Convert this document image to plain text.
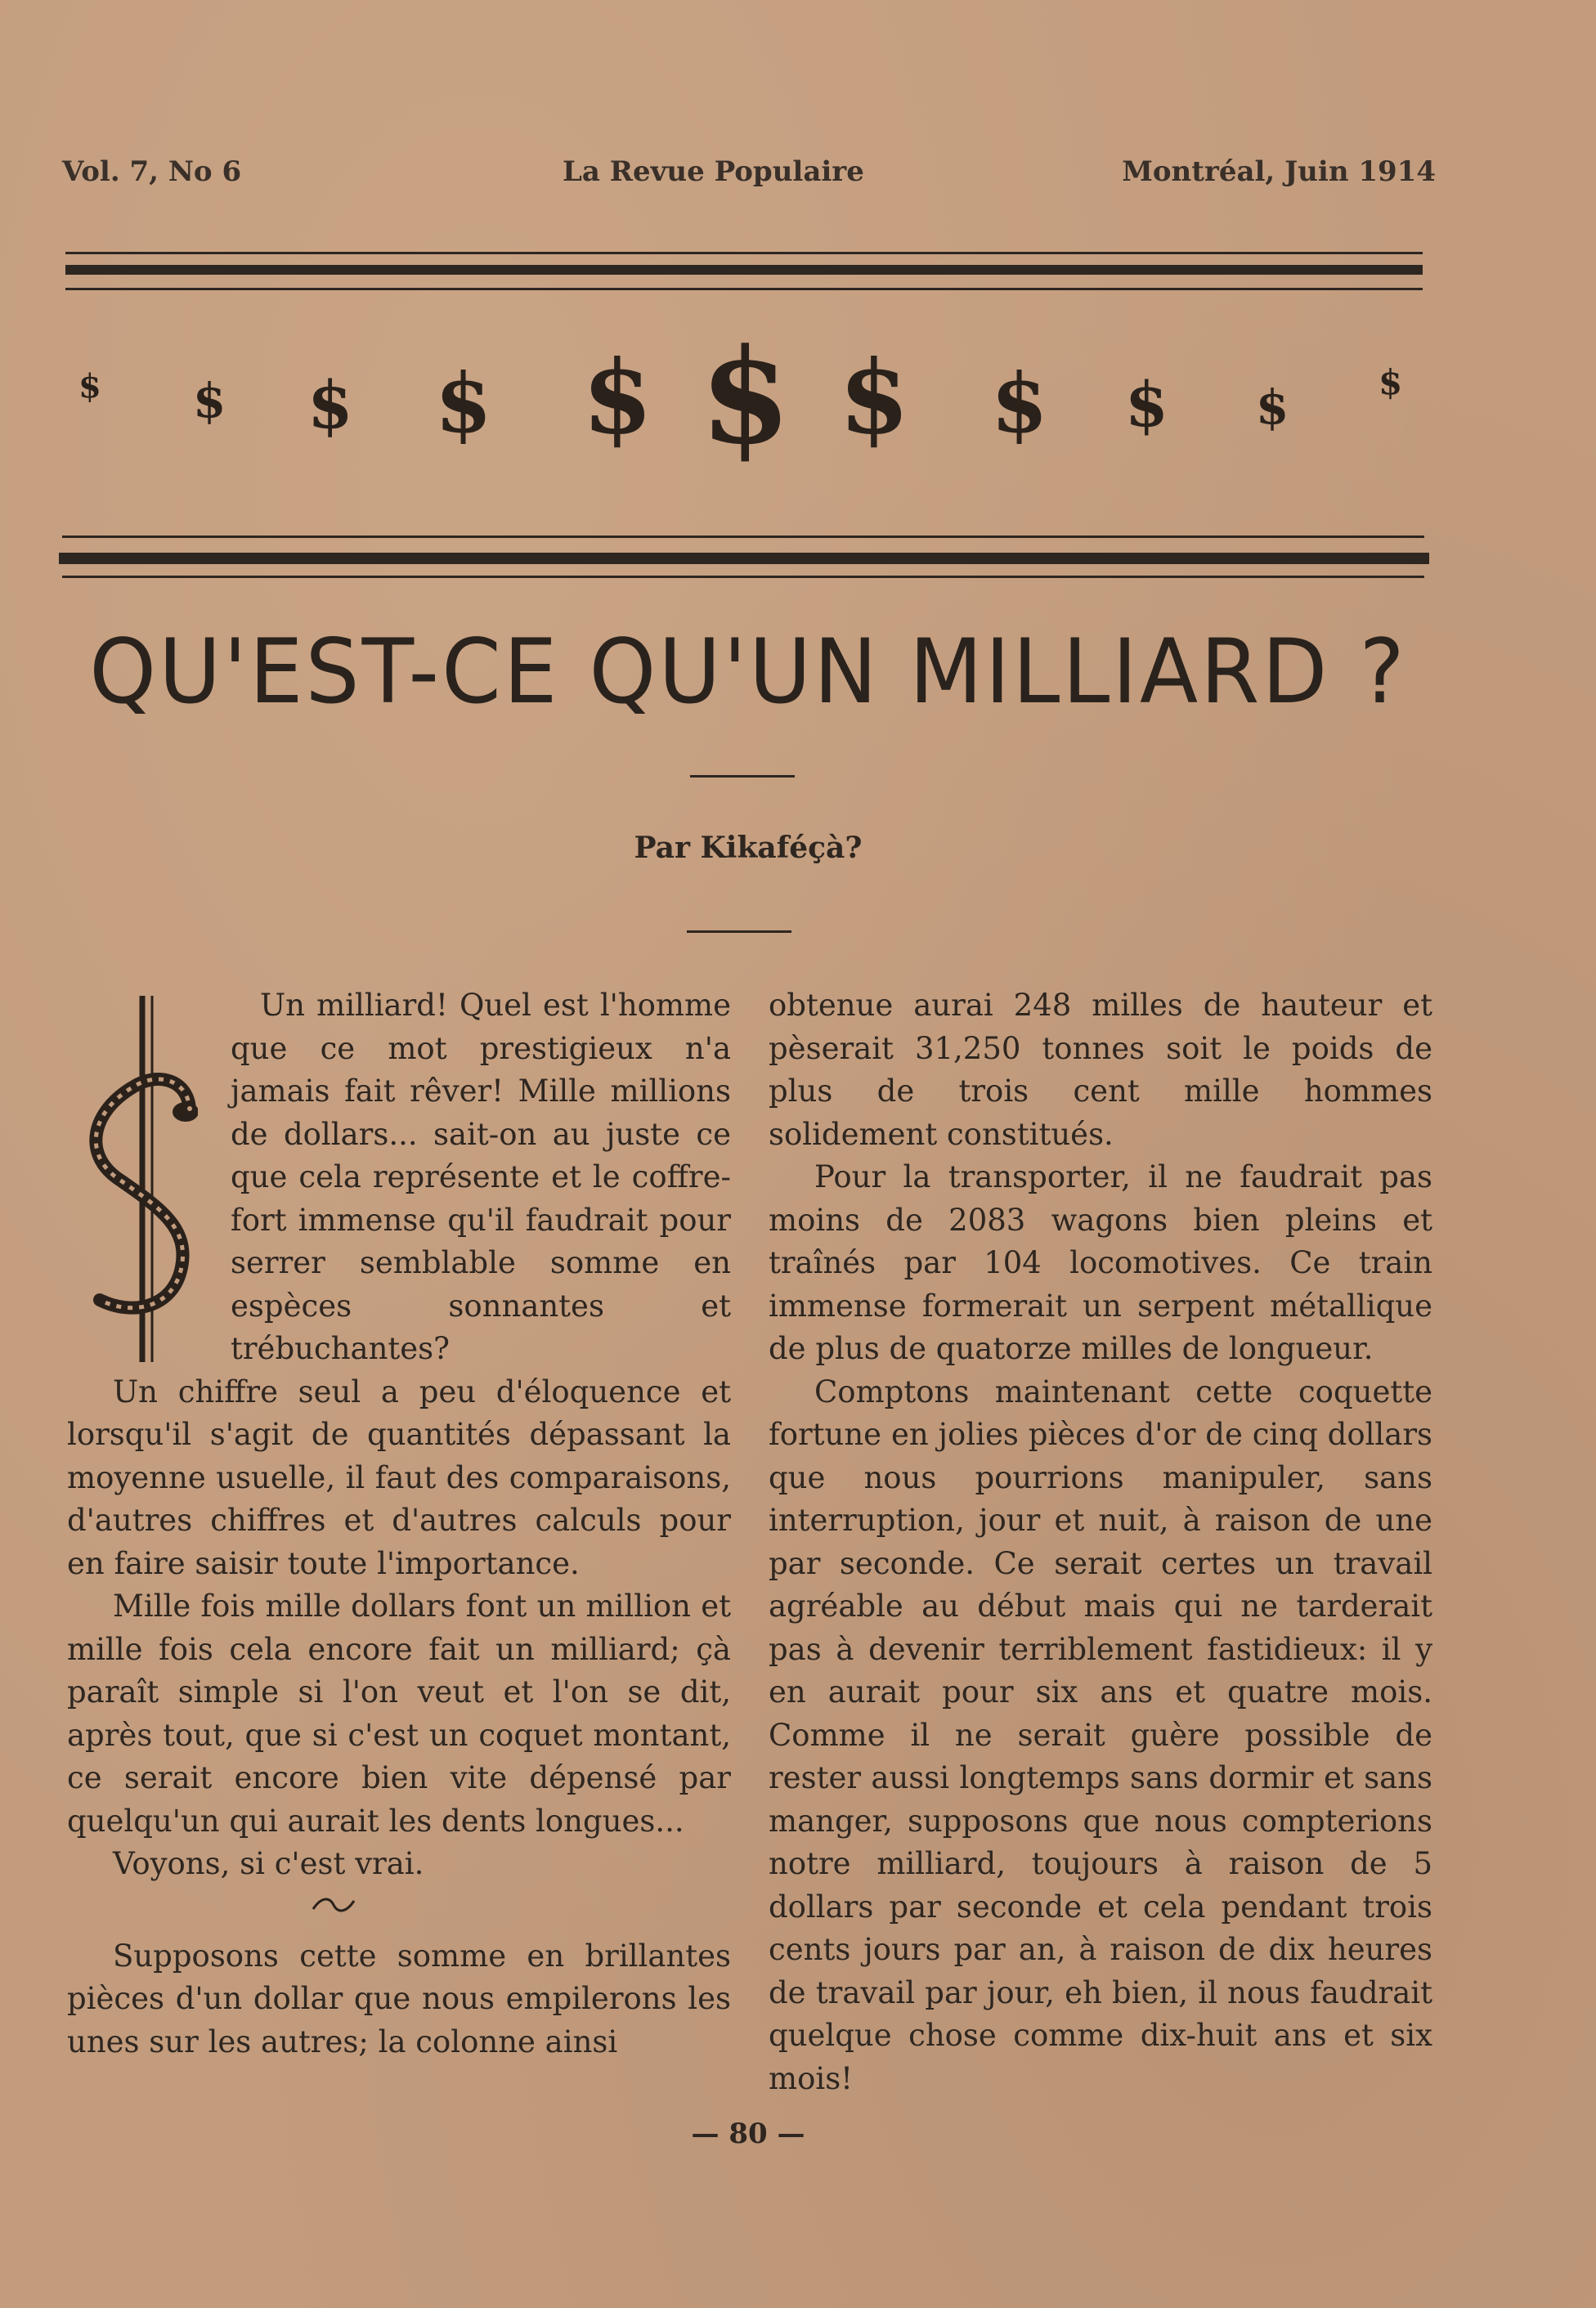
Vol. 7, No 6	La Revue Populaire	Montréal, Juin 1914
$ $ $ $ $ $ $ $ $ $	$
QU'EST-CE QU'UN MILLIARD ?
Par Kikaféçà?

Un milliard! Quel est l'homme que ce mot prestigieux n'a jamais fait rêver! Mille millions de dollars... sait-on au juste ce que cela représente et le coffre-fort immense qu'il faudrait pour serrer semblable somme en espèces sonnantes et trébuchantes?

Un chiffre seul a peu d'éloquence et lorsqu'il s'agit de quantités dépassant la moyenne usuelle, il faut des comparaisons, d'autres chiffres et d'autres calculs pour en faire saisir toute l'importance.

Mille fois mille dollars font un million et mille fois cela encore fait un milliard; çà paraît simple si l'on veut et l'on se dit, après tout, que si c'est un coquet montant, ce serait encore bien vite dépensé par quelqu'un qui aurait les dents longues...

Voyons, si c'est vrai.

Supposons cette somme en brillantes pièces d'un dollar que nous empilerons les unes sur les autres; la colonne ainsi

obtenue aurai 248 milles de hauteur et pèserait 31,250 tonnes soit le poids de plus de trois cent mille hommes solidement constitués.

Pour la transporter, il ne faudrait pas moins de 2083 wagons bien pleins et traînés par 104 locomotives. Ce train immense formerait un serpent métallique de plus de quatorze milles de longueur.

Comptons maintenant cette coquette fortune en jolies pièces d'or de cinq dollars que nous pourrions manipuler, sans interruption, jour et nuit, à raison de une par seconde. Ce serait certes un travail agréable au début mais qui ne tarderait pas à devenir terriblement fastidieux: il y en aurait pour six ans et quatre mois. Comme il ne serait guère possible de rester aussi longtemps sans dormir et sans manger, supposons que nous compterions notre milliard, toujours à raison de 5 dollars par seconde et cela pendant trois cents jours par an, à raison de dix heures de travail par jour, eh bien, il nous faudrait quelque chose comme dix-huit ans et six mois!

— 80 —
